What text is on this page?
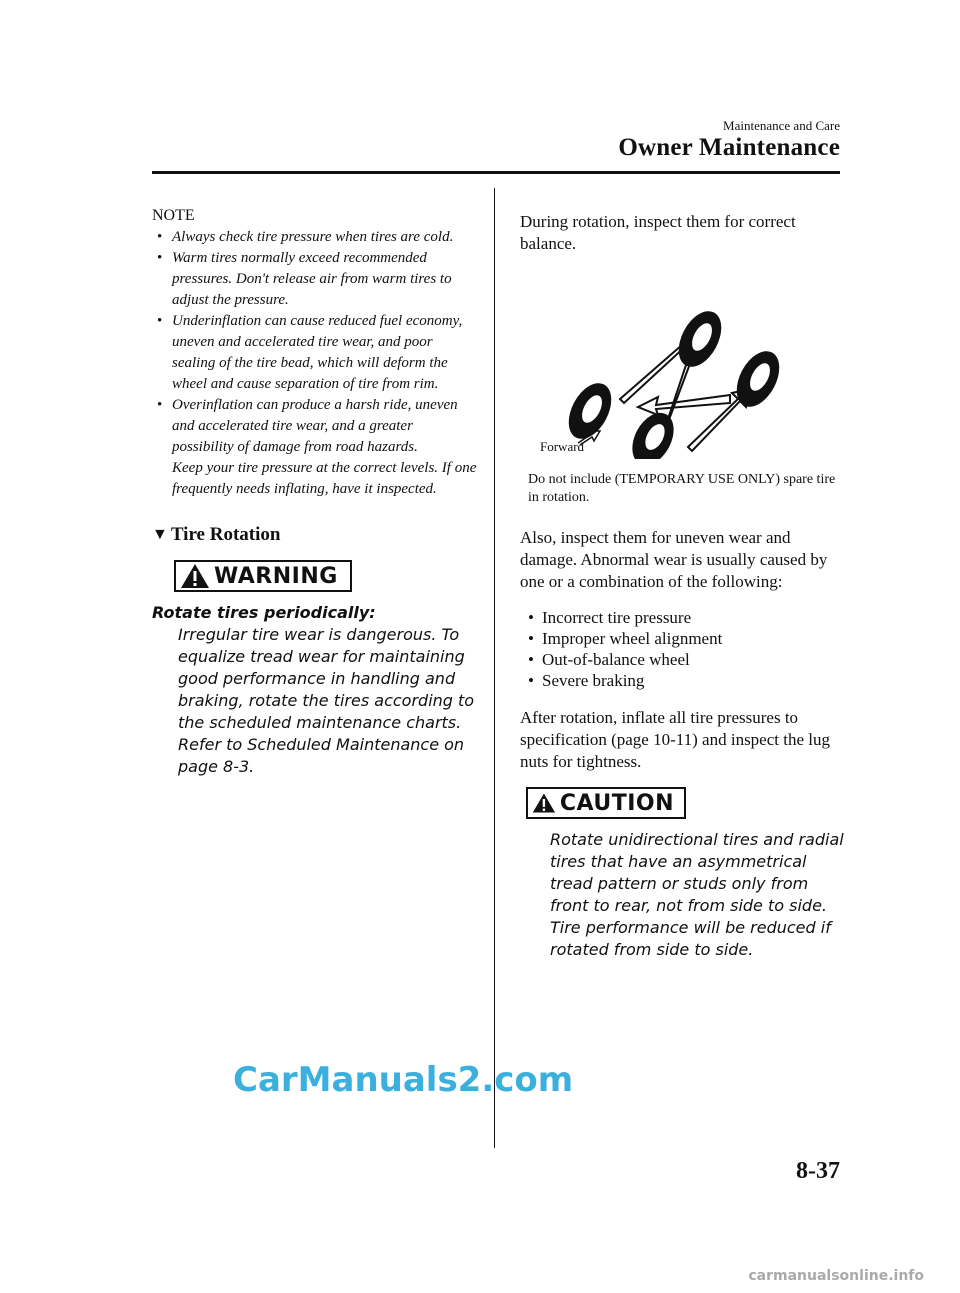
Maintenance and Care
Owner Maintenance
NOTE
• Always check tire pressure when tires are cold.
• Warm tires normally exceed recommended pressures. Don't release air from warm tires to adjust the pressure.
• Underinflation can cause reduced fuel economy, uneven and accelerated tire wear, and poor sealing of the tire bead, which will deform the wheel and cause separation of tire from rim.
• Overinflation can produce a harsh ride, uneven and accelerated tire wear, and a greater possibility of damage from road hazards.
Keep your tire pressure at the correct levels. If one frequently needs inflating, have it inspected.
▼ Tire Rotation
WARNING
Rotate tires periodically:
Irregular tire wear is dangerous. To equalize tread wear for maintaining good performance in handling and braking, rotate the tires according to the scheduled maintenance charts. Refer to Scheduled Maintenance on page 8-3.

During rotation, inspect them for correct balance.

Forward

Do not include (TEMPORARY USE ONLY) spare tire in rotation.

Also, inspect them for uneven wear and damage. Abnormal wear is usually caused by one or a combination of the following:

• Incorrect tire pressure
• Improper wheel alignment
• Out-of-balance wheel
• Severe braking

After rotation, inflate all tire pressures to specification (page 10-11) and inspect the lug nuts for tightness.

CAUTION
Rotate unidirectional tires and radial tires that have an asymmetrical tread pattern or studs only from front to rear, not from side to side. Tire performance will be reduced if rotated from side to side.
CarManuals2.com
8-37
carmanualsonline.info
